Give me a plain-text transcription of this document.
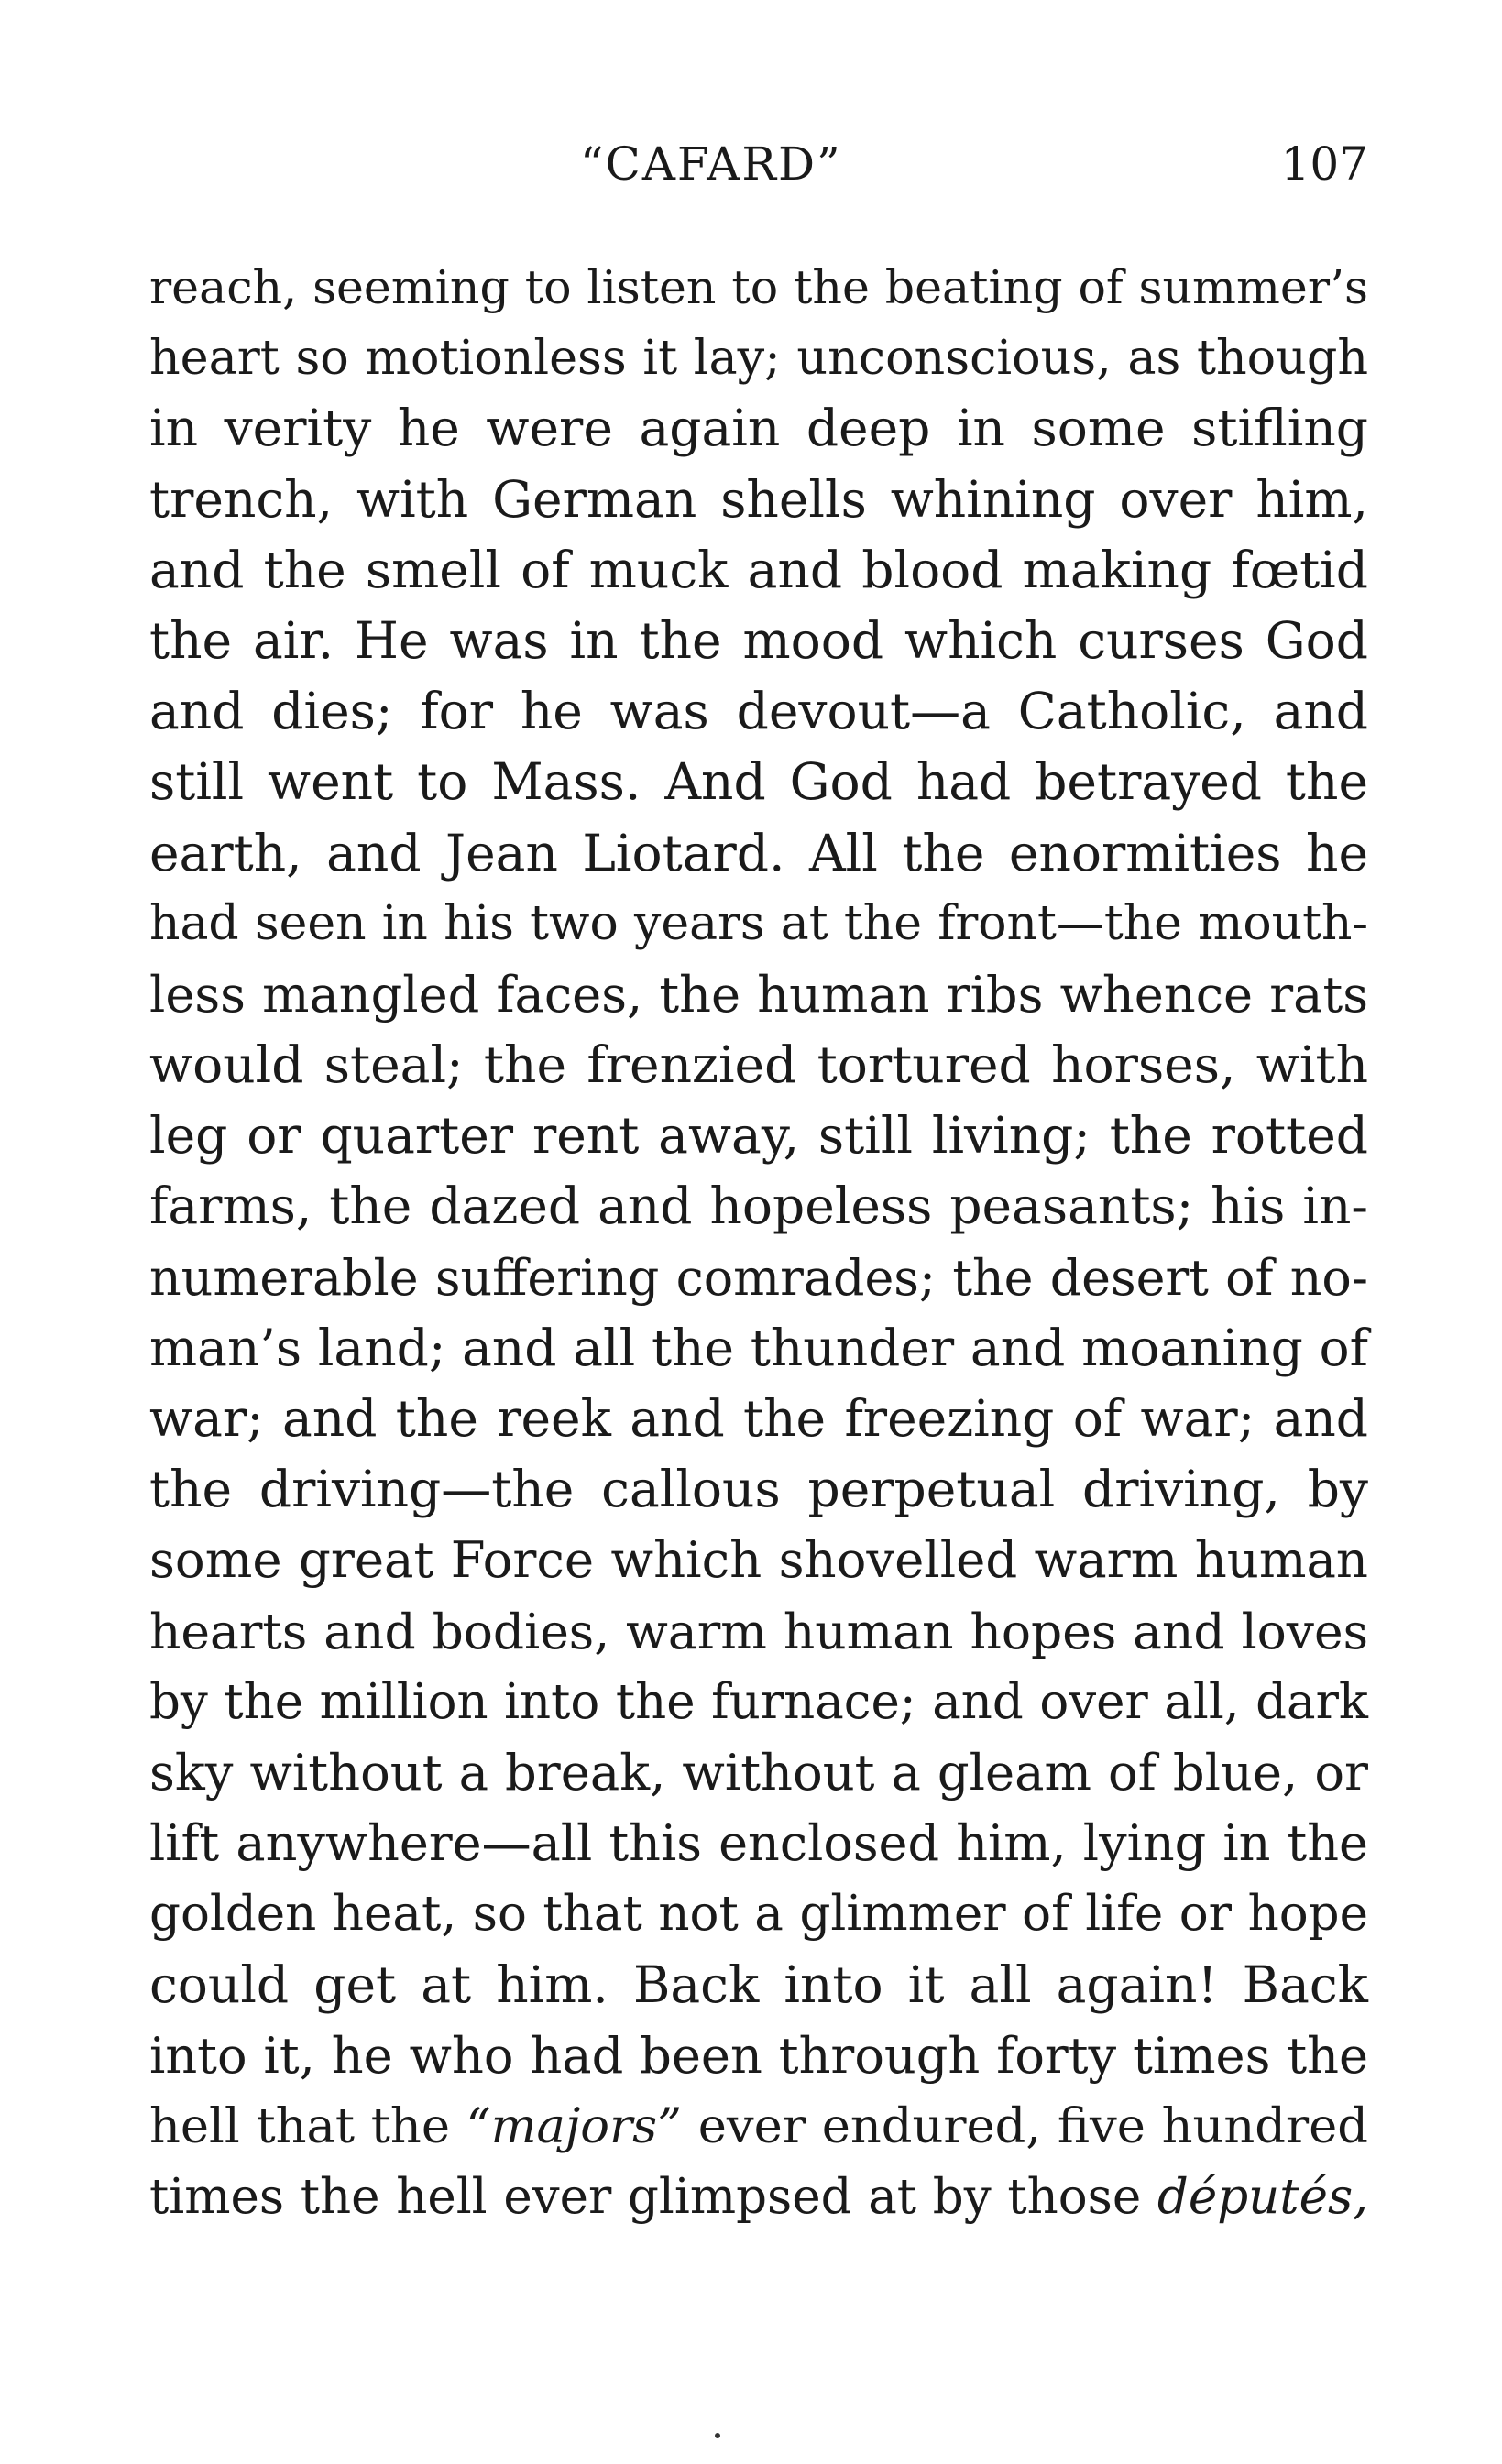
“CAFARD”	107
reach, seeming to listen to the beating of summer’s
heart so motionless it lay; unconscious, as though
in verity he were again deep in some stifling
trench, with German shells whining over him,
and the smell of muck and blood making fœtid
the air. He was in the mood which curses God
and dies; for he was devout—a Catholic, and
still went to Mass. And God had betrayed the
earth, and Jean Liotard. All the enormities he
had seen in his two years at the front—the mouth-
less mangled faces, the human ribs whence rats
would steal; the frenzied tortured horses, with
leg or quarter rent away, still living; the rotted
farms, the dazed and hopeless peasants; his in-
numerable suffering comrades; the desert of no-
man’s land; and all the thunder and moaning of
war; and the reek and the freezing of war; and
the driving—the callous perpetual driving, by
some great Force which shovelled warm human
hearts and bodies, warm human hopes and loves
by the million into the furnace; and over all, dark
sky without a break, without a gleam of blue, or
lift anywhere—all this enclosed him, lying in the
golden heat, so that not a glimmer of life or hope
could get at him. Back into it all again! Back
into it, he who had been through forty times the
hell that the “majors” ever endured, five hundred
times the hell ever glimpsed at by those députés,
